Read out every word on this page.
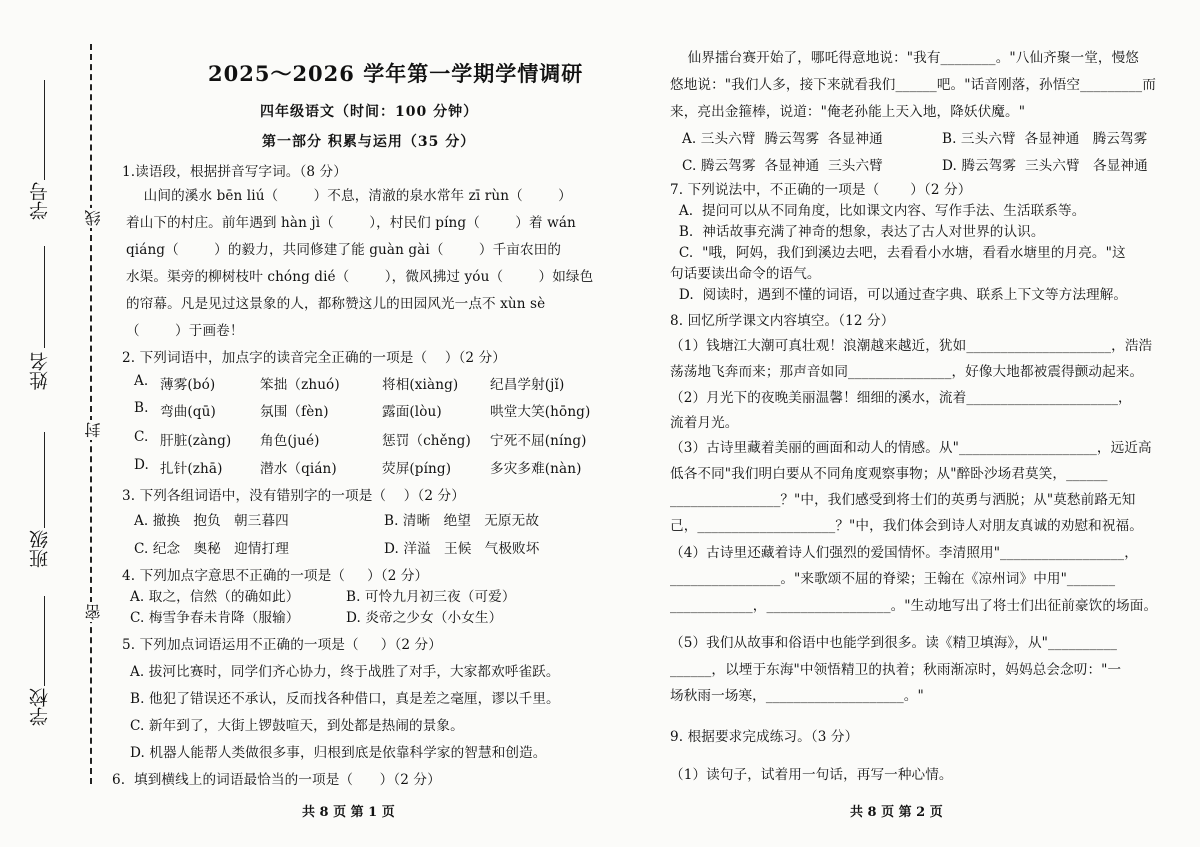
学号
姓名
班级
学校
线
封
密
2025～2026 学年第一学期学情调研
四年级语文（时间：100 分钟）
第一部分 积累与运用（35 分）
1.读语段，根据拼音写字词。（8 分）
山间的溪水 bēn liú（        ）不息，清澈的泉水常年 zī rùn（        ）
着山下的村庄。前年遇到 hàn jì（        ），村民们 píng（        ）着 wán
qiáng（        ）的毅力，共同修建了能 guàn gài（        ）千亩农田的
水渠。渠旁的柳树枝叶 chóng dié（        ），微风拂过 yóu（        ）如绿色
的帘幕。凡是见过这景象的人，都称赞这儿的田园风光一点不 xùn sè
（        ）于画卷！
2. 下列词语中，加点字的读音完全正确的一项是（    ）（2 分）
A. 薄雾(bó)	笨拙（zhuó)	将相(xiàng) 纪昌学射(jǐ)
B. 弯曲(qū)	氛围（fèn)	露面(lòu)	哄堂大笑(hōng)
C. 肝脏(zàng) 角色(jué)	惩罚（chěng) 宁死不屈(níng)
D. 扎针(zhā)	潜水（qián)	荧屏(píng)	多灾多难(nàn)
3. 下列各组词语中，没有错别字的一项是（    ）（2 分）
A. 撤换   抱负   朝三暮四	B. 清晰   绝望   无原无故
C. 纪念   奥秘   迎情打理	D. 洋溢   王候   气极败坏
4. 下列加点字意思不正确的一项是（     ）（2 分）
A. 取之，信然（的确如此）	B. 可怜九月初三夜（可爱）
C. 梅雪争春未肯降（服输）	D. 炎帝之少女（小女生）
5. 下列加点词语运用不正确的一项是（     ）（2 分）
A. 拔河比赛时，同学们齐心协力，终于战胜了对手，大家都欢呼雀跃。
B. 他犯了错误还不承认，反而找各种借口，真是差之毫厘，谬以千里。
C. 新年到了，大街上锣鼓喧天，到处都是热闹的景象。
D. 机器人能帮人类做很多事，归根到底是依靠科学家的智慧和创造。
6.  填到横线上的词语最恰当的一项是（      ）（2 分）
共 8 页 第 1 页
仙界擂台赛开始了，哪吒得意地说："我有________。"八仙齐聚一堂，慢悠
悠地说："我们人多，接下来就看我们______吧。"话音刚落，孙悟空_________而
来，亮出金箍棒，说道："俺老孙能上天入地，降妖伏魔。"
A. 三头六臂  腾云驾雾  各显神通	B. 三头六臂  各显神通   腾云驾雾
C. 腾云驾雾  各显神通  三头六臂	D. 腾云驾雾  三头六臂   各显神通
7. 下列说法中，不正确的一项是（       ）（2 分）
A.  提问可以从不同角度，比如课文内容、写作手法、生活联系等。
B.  神话故事充满了神奇的想象，表达了古人对世界的认识。
C.  "哦，阿妈，我们到溪边去吧，去看看小水塘，看看水塘里的月亮。"这
句话要读出命令的语气。
D.  阅读时，遇到不懂的词语，可以通过查字典、联系上下文等方法理解。
8. 回忆所学课文内容填空。（12 分）
（1）钱塘江大潮可真壮观！浪潮越来越近，犹如_____________________，浩浩
荡荡地飞奔而来；那声音如同_______________，好像大地都被震得颤动起来。
（2）月光下的夜晚美丽温馨！细细的溪水，流着______________________，
流着月光。
（3）古诗里藏着美丽的画面和动人的情感。从"____________________，远近高
低各不同"我们明白要从不同角度观察事物；从"醉卧沙场君莫笑，______
________________？"中，我们感受到将士们的英勇与洒脱；从"莫愁前路无知
己，____________________？"中，我们体会到诗人对朋友真诚的劝慰和祝福。
（4）古诗里还藏着诗人们强烈的爱国情怀。李清照用"__________________，
________________。"来歌颂不屈的脊梁；王翰在《凉州词》中用"_______
____________，__________________。"生动地写出了将士们出征前豪饮的场面。
（5）我们从故事和俗语中也能学到很多。读《精卫填海》，从"__________
______，以堙于东海"中领悟精卫的执着；秋雨渐凉时，妈妈总会念叨："一
场秋雨一场寒，____________________。"
9. 根据要求完成练习。（3 分）
（1）读句子，试着用一句话，再写一种心情。
共 8 页 第 2 页
